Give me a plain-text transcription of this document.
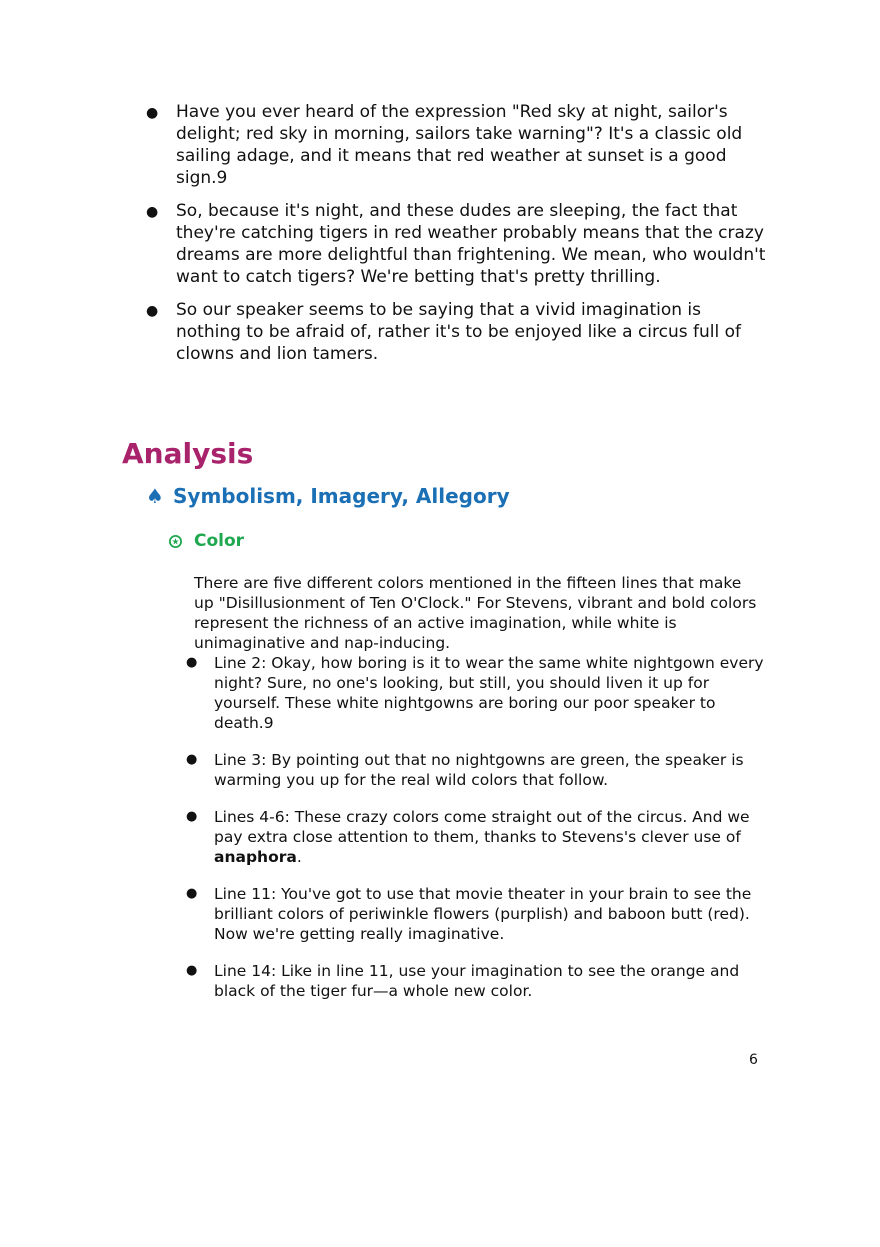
● Have you ever heard of the expression "Red sky at night, sailor's delight; red sky in morning, sailors take warning"? It's a classic old sailing adage, and it means that red weather at sunset is a good sign.9
● So, because it's night, and these dudes are sleeping, the fact that they're catching tigers in red weather probably means that the crazy dreams are more delightful than frightening. We mean, who wouldn't want to catch tigers? We're betting that's pretty thrilling.
● So our speaker seems to be saying that a vivid imagination is nothing to be afraid of, rather it's to be enjoyed like a circus full of clowns and lion tamers.
Analysis
♠ Symbolism, Imagery, Allegory
Color

There are five different colors mentioned in the fifteen lines that make up "Disillusionment of Ten O'Clock." For Stevens, vibrant and bold colors represent the richness of an active imagination, while white is unimaginative and nap-inducing.

● Line 2: Okay, how boring is it to wear the same white nightgown every night? Sure, no one's looking, but still, you should liven it up for yourself. These white nightgowns are boring our poor speaker to death.9
● Line 3: By pointing out that no nightgowns are green, the speaker is warming you up for the real wild colors that follow.
● Lines 4-6: These crazy colors come straight out of the circus. And we pay extra close attention to them, thanks to Stevens's clever use of anaphora.
● Line 11: You've got to use that movie theater in your brain to see the brilliant colors of periwinkle flowers (purplish) and baboon butt (red). Now we're getting really imaginative.
● Line 14: Like in line 11, use your imagination to see the orange and black of the tiger fur—a whole new color.
6
